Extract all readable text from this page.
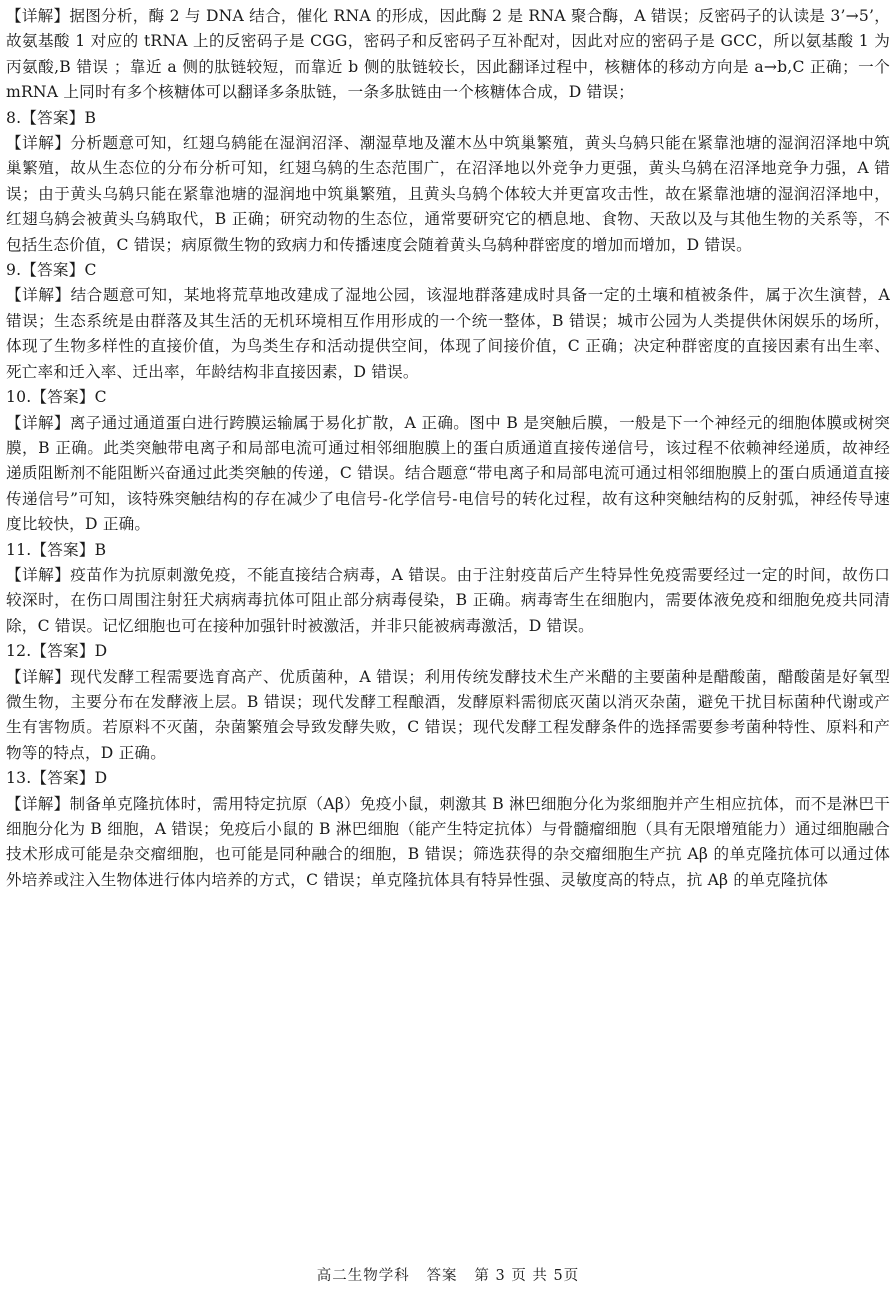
【详解】据图分析，酶 2 与 DNA 结合，催化 RNA 的形成，因此酶 2 是 RNA 聚合酶，A 错误；反密码子的认读是 3’→5’，故氨基酸 1 对应的 tRNA 上的反密码子是 CGG，密码子和反密码子互补配对，因此对应的密码子是 GCC，所以氨基酸 1 为丙氨酸,B 错误 ；靠近 a 侧的肽链较短，而靠近 b 侧的肽链较长，因此翻译过程中，核糖体的移动方向是 a→b,C 正确；一个 mRNA 上同时有多个核糖体可以翻译多条肽链，一条多肽链由一个核糖体合成，D 错误；

8.【答案】B

【详解】分析题意可知，红翅乌鸫能在湿润沼泽、潮湿草地及灌木丛中筑巢繁殖，黄头乌鸫只能在紧靠池塘的湿润沼泽地中筑巢繁殖，故从生态位的分布分析可知，红翅乌鸫的生态范围广，在沼泽地以外竞争力更强，黄头乌鸫在沼泽地竞争力强，A 错误；由于黄头乌鸫只能在紧靠池塘的湿润地中筑巢繁殖，且黄头乌鸫个体较大并更富攻击性，故在紧靠池塘的湿润沼泽地中，红翅乌鸫会被黄头乌鸫取代，B 正确；研究动物的生态位，通常要研究它的栖息地、食物、天敌以及与其他生物的关系等，不包括生态价值，C 错误；病原微生物的致病力和传播速度会随着黄头乌鸫种群密度的增加而增加，D 错误。

9.【答案】C

【详解】结合题意可知，某地将荒草地改建成了湿地公园，该湿地群落建成时具备一定的土壤和植被条件，属于次生演替，A 错误；生态系统是由群落及其生活的无机环境相互作用形成的一个统一整体，B 错误；城市公园为人类提供休闲娱乐的场所，体现了生物多样性的直接价值，为鸟类生存和活动提供空间，体现了间接价值，C 正确；决定种群密度的直接因素有出生率、死亡率和迁入率、迁出率，年龄结构非直接因素，D 错误。

10.【答案】C

【详解】离子通过通道蛋白进行跨膜运输属于易化扩散，A 正确。图中 B 是突触后膜，一般是下一个神经元的细胞体膜或树突膜，B 正确。此类突触带电离子和局部电流可通过相邻细胞膜上的蛋白质通道直接传递信号，该过程不依赖神经递质，故神经递质阻断剂不能阻断兴奋通过此类突触的传递，C 错误。结合题意“带电离子和局部电流可通过相邻细胞膜上的蛋白质通道直接传递信号”可知，该特殊突触结构的存在减少了电信号-化学信号-电信号的转化过程，故有这种突触结构的反射弧，神经传导速度比较快，D 正确。

11.【答案】B

【详解】疫苗作为抗原刺激免疫，不能直接结合病毒，A 错误。由于注射疫苗后产生特异性免疫需要经过一定的时间，故伤口较深时，在伤口周围注射狂犬病病毒抗体可阻止部分病毒侵染，B 正确。病毒寄生在细胞内，需要体液免疫和细胞免疫共同清除，C 错误。记忆细胞也可在接种加强针时被激活，并非只能被病毒激活，D 错误。

12.【答案】D

【详解】现代发酵工程需要选育高产、优质菌种，A 错误；利用传统发酵技术生产米醋的主要菌种是醋酸菌，醋酸菌是好氧型微生物，主要分布在发酵液上层。B 错误；现代发酵工程酿酒，发酵原料需彻底灭菌以消灭杂菌，避免干扰目标菌种代谢或产生有害物质。若原料不灭菌，杂菌繁殖会导致发酵失败，C 错误；现代发酵工程发酵条件的选择需要参考菌种特性、原料和产物等的特点，D 正确。

13.【答案】D

【详解】制备单克隆抗体时，需用特定抗原（Aβ）免疫小鼠，刺激其 B 淋巴细胞分化为浆细胞并产生相应抗体，而不是淋巴干细胞分化为 B 细胞，A 错误；免疫后小鼠的 B 淋巴细胞（能产生特定抗体）与骨髓瘤细胞（具有无限增殖能力）通过细胞融合技术形成可能是杂交瘤细胞，也可能是同种融合的细胞，B 错误；筛选获得的杂交瘤细胞生产抗 Aβ 的单克隆抗体可以通过体外培养或注入生物体进行体内培养的方式，C 错误；单克隆抗体具有特异性强、灵敏度高的特点，抗 Aβ 的单克隆抗体

高二生物学科   答案   第 3 页 共 5页
